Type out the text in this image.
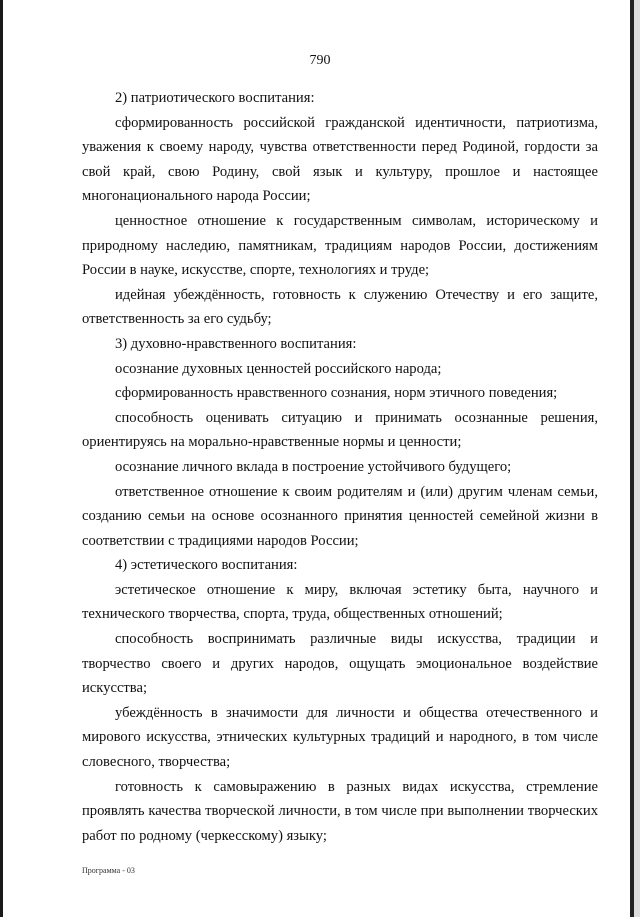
790

2) патриотического воспитания:

сформированность российской гражданской идентичности, патриотизма, уважения к своему народу, чувства ответственности перед Родиной, гордости за свой край, свою Родину, свой язык и культуру, прошлое и настоящее многонационального народа России;

ценностное отношение к государственным символам, историческому и природному наследию, памятникам, традициям народов России, достижениям России в науке, искусстве, спорте, технологиях и труде;

идейная убеждённость, готовность к служению Отечеству и его защите, ответственность за его судьбу;

3) духовно-нравственного воспитания:

осознание духовных ценностей российского народа;

сформированность нравственного сознания, норм этичного поведения;

способность оценивать ситуацию и принимать осознанные решения, ориентируясь на морально-нравственные нормы и ценности;

осознание личного вклада в построение устойчивого будущего;

ответственное отношение к своим родителям и (или) другим членам семьи, созданию семьи на основе осознанного принятия ценностей семейной жизни в соответствии с традициями народов России;

4) эстетического воспитания:

эстетическое отношение к миру, включая эстетику быта, научного и технического творчества, спорта, труда, общественных отношений;

способность воспринимать различные виды искусства, традиции и творчество своего и других народов, ощущать эмоциональное воздействие искусства;

убеждённость в значимости для личности и общества отечественного и мирового искусства, этнических культурных традиций и народного, в том числе словесного, творчества;

готовность к самовыражению в разных видах искусства, стремление проявлять качества творческой личности, в том числе при выполнении творческих работ по родному (черкесскому) языку;

Программа - 03
